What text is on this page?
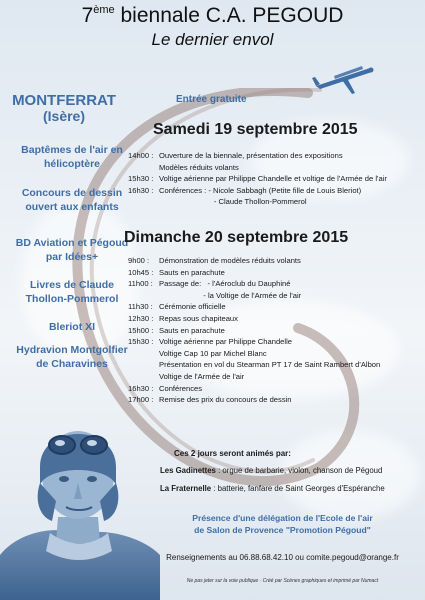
7ème biennale C.A. PEGOUD
Le dernier envol
MONTFERRAT
(Isère)
Entrée gratuite
Baptêmes de l'air en
hélicoptère
Concours de dessin
ouvert aux enfants
BD Aviation et Pégoud
par Idées+
Livres de Claude
Thollon-Pommerol
Bleriot XI
Hydravion Montgolfier
de Charavines
Samedi 19 septembre 2015
14h00 : Ouverture de la biennale, présentation des expositions
Modèles réduits volants
15h30 : Voltige aérienne par Philippe Chandelle et voltige de l'Armée de l'air
16h30 : Conférences : - Nicole Sabbagh (Petite fille de Louis Bleriot)
- Claude Thollon-Pommerol
Dimanche 20 septembre 2015
9h00 :	Démonstration de modèles réduits volants
10h45 : Sauts en parachute
11h00 : Passage de:   - l'Aéroclub du Dauphiné
- la Voltige de l'Armée de l'air
11h30 : Cérémonie officielle
12h30 : Repas sous chapiteaux
15h00 : Sauts en parachute
15h30 : Voltige aérienne par Philippe Chandelle
Voltige Cap 10 par Michel Blanc
Présentation en vol du Stearman PT 17 de Saint Rambert d'Albon
Voltige de l'Armée de l'air
16h30 : Conférences
17h00 : Remise des prix du concours de dessin
Ces 2 jours seront animés par:
Les Gadinettes : orgue de barbarie, violon, chanson de Pégoud
La Fraternelle : batterie, fanfare de Saint Georges d'Espéranche
Présence d'une délégation de l'Ecole de l'air
de Salon de Provence "Promotion Pégoud"
Renseignements au 06.88.68.42.10 ou comite.pegoud@orange.fr
Ne pas jeter sur la voie publique · Créé par Scènes graphiques et imprimé par Numact
